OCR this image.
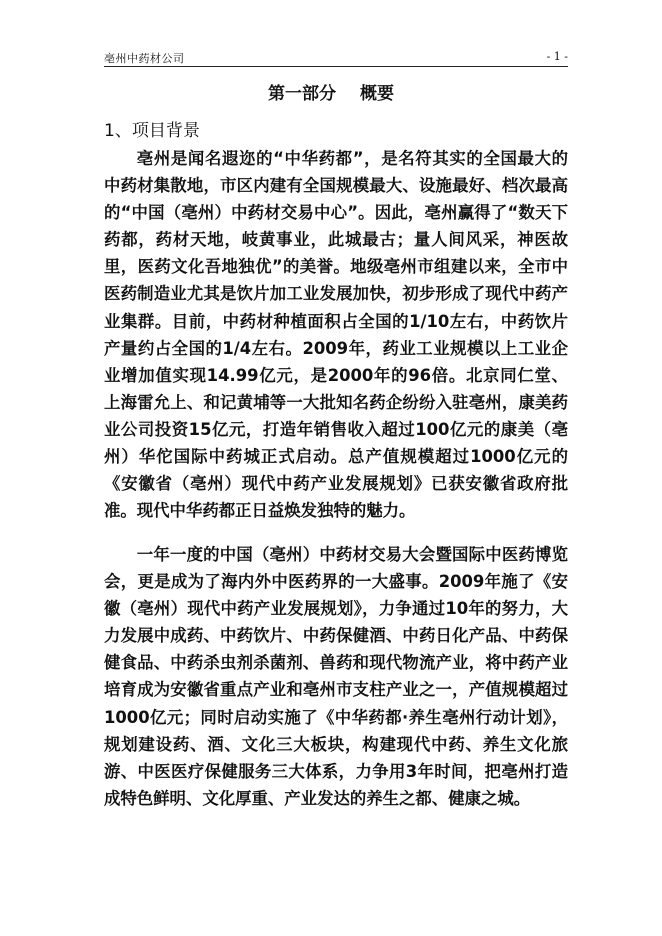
亳州中药材公司	- 1 -
第一部分 概要
1、项目背景

亳州是闻名遐迩的“中华药都”，是名符其实的全国最大的中药材集散地，市区内建有全国规模最大、设施最好、档次最高的“中国（亳州）中药材交易中心”。因此，亳州赢得了“数天下药都，药材天地，岐黄事业，此城最古；量人间风采，神医故里，医药文化吾地独优”的美誉。地级亳州市组建以来，全市中医药制造业尤其是饮片加工业发展加快，初步形成了现代中药产业集群。目前，中药材种植面积占全国的1/10左右，中药饮片产量约占全国的1/4左右。2009年，药业工业规模以上工业企业增加值实现14.99亿元，是2000年的96倍。北京同仁堂、上海雷允上、和记黄埔等一大批知名药企纷纷入驻亳州，康美药业公司投资15亿元，打造年销售收入超过100亿元的康美（亳州）华佗国际中药城正式启动。总产值规模超过1000亿元的《安徽省（亳州）现代中药产业发展规划》已获安徽省政府批准。现代中华药都正日益焕发独特的魅力。

一年一度的中国（亳州）中药材交易大会暨国际中医药博览会，更是成为了海内外中医药界的一大盛事。2009年施了《安徽（亳州）现代中药产业发展规划》，力争通过10年的努力，大力发展中成药、中药饮片、中药保健酒、中药日化产品、中药保健食品、中药杀虫剂杀菌剂、兽药和现代物流产业，将中药产业培育成为安徽省重点产业和亳州市支柱产业之一，产值规模超过1000亿元；同时启动实施了《中华药都·养生亳州行动计划》，规划建设药、酒、文化三大板块，构建现代中药、养生文化旅游、中医医疗保健服务三大体系，力争用3年时间，把亳州打造成特色鲜明、文化厚重、产业发达的养生之都、健康之城。
